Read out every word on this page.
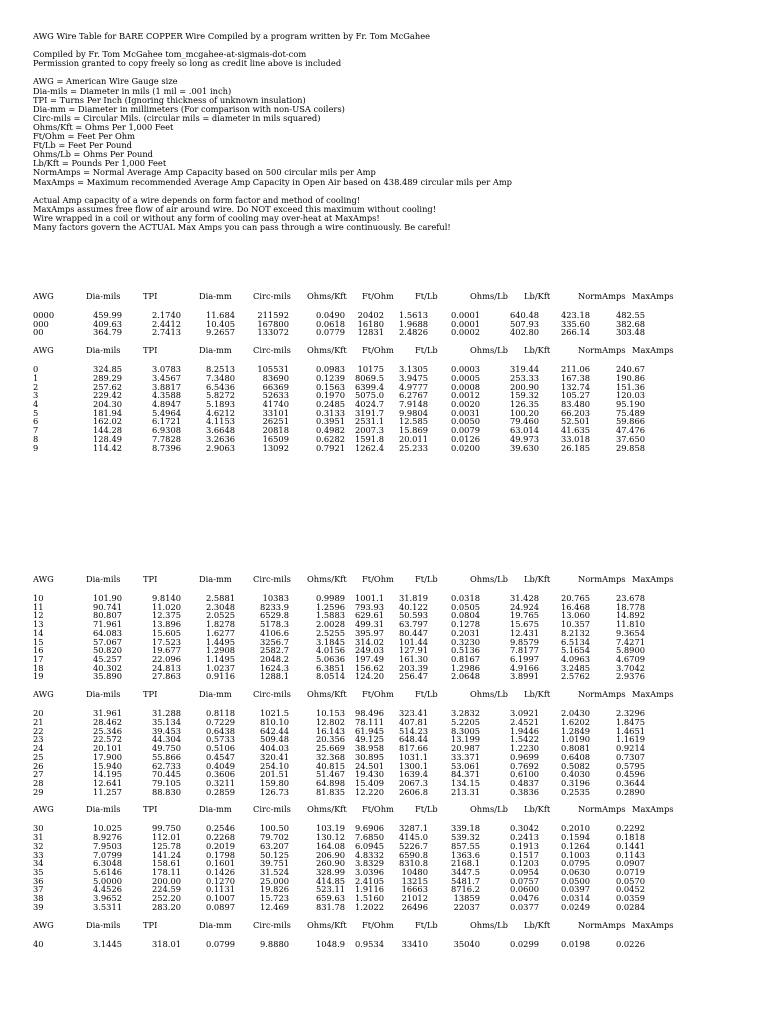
AWG Wire Table for BARE COPPER Wire Compiled by a program written by Fr. Tom McGahee
Compiled by Fr. Tom McGahee tom_mcgahee-at-sigmais-dot-com
Permission granted to copy freely so long as credit line above is included
AWG = American Wire Gauge size
Dia-mils = Diameter in mils (1 mil = .001 inch)
TPI = Turns Per Inch (Ignoring thickness of unknown insulation)
Dia-mm = Diameter in millimeters (For comparison with non-USA coilers)
Circ-mils = Circular Mils. (circular mils = diameter in mils squared)
Ohms/Kft = Ohms Per 1,000 Feet
Ft/Ohm = Feet Per Ohm
Ft/Lb = Feet Per Pound
Ohms/Lb = Ohms Per Pound
Lb/Kft = Pounds Per 1,000 Feet
NormAmps = Normal Average Amp Capacity based on 500 circular mils per Amp
MaxAmps = Maximum recommended Average Amp Capacity in Open Air based on 438.489 circular mils per Amp
Actual Amp capacity of a wire depends on form factor and method of cooling!
MaxAmps assumes free flow of air around wire. Do NOT exceed this maximum without cooling!
Wire wrapped in a coil or without any form of cooling may over-heat at MaxAmps!
Many factors govern the ACTUAL Max Amps you can pass through a wire continuously. Be careful!
AWG	Dia-mils	TPI	Dia-mm	Circ-mils Ohms/Kft Ft/Ohm	Ft/Lb	Ohms/Lb Lb/Kft	NormAmps MaxAmps
0000	459.99	2.1740	11.684	211592	0.0490 20402 1.5613	0.0001	640.48	423.18	482.55
000	409.63	2.4412	10.405	167800	0.0618 16180 1.9688	0.0001	507.93	335.60	382.68
00	364.79	2.7413	9.2657	133072	0.0779 12831 2.4826	0.0002	402.80	266.14	303.48
AWG	Dia-mils	TPI	Dia-mm	Circ-mils Ohms/Kft Ft/Ohm	Ft/Lb	Ohms/Lb Lb/Kft	NormAmps MaxAmps
0	324.85	3.0783	8.2513	105531	0.0983 10175 3.1305	0.0003	319.44	211.06	240.67
1	289.29	3.4567	7.3480	83690	0.1239 8069.5 3.9475	0.0005	253.33	167.38	190.86
2	257.62	3.8817	6.5436	66369	0.1563 6399.4 4.9777	0.0008	200.90	132.74	151.36
3	229.42	4.3588	5.8272	52633	0.1970 5075.0 6.2767	0.0012	159.32	105.27	120.03
4	204.30	4.8947	5.1893	41740	0.2485 4024.7 7.9148	0.0020	126.35	83.480	95.190
5	181.94	5.4964	4.6212	33101	0.3133 3191.7 9.9804	0.0031	100.20	66.203	75.489
6	162.02	6.1721	4.1153	26251	0.3951 2531.1 12.585	0.0050	79.460	52.501	59.866
7	144.28	6.9308	3.6648	20818	0.4982 2007.3 15.869	0.0079	63.014	41.635	47.476
8	128.49	7.7828	3.2636	16509	0.6282 1591.8 20.011	0.0126	49.973	33.018	37.650
9	114.42	8.7396	2.9063	13092	0.7921 1262.4 25.233	0.0200	39.630	26.185	29.858
AWG	Dia-mils	TPI	Dia-mm	Circ-mils Ohms/Kft Ft/Ohm	Ft/Lb	Ohms/Lb Lb/Kft	NormAmps MaxAmps
10	101.90	9.8140	2.5881	10383	0.9989 1001.1 31.819	0.0318	31.428	20.765	23.678
11	90.741	11.020	2.3048	8233.9	1.2596 793.93 40.122	0.0505	24.924	16.468	18.778
12	80.807	12.375	2.0525	6529.8	1.5883 629.61 50.593	0.0804	19.765	13.060	14.892
13	71.961	13.896	1.8278	5178.3	2.0028 499.31 63.797	0.1278	15.675	10.357	11.810
14	64.083	15.605	1.6277	4106.6	2.5255 395.97 80.447	0.2031	12.431	8.2132	9.3654
15	57.067	17.523	1.4495	3256.7	3.1845 314.02 101.44	0.3230	9.8579	6.5134	7.4271
16	50.820	19.677	1.2908	2582.7	4.0156 249.03 127.91	0.5136	7.8177	5.1654	5.8900
17	45.257	22.096	1.1495	2048.2	5.0636 197.49 161.30	0.8167	6.1997	4.0963	4.6709
18	40.302	24.813	1.0237	1624.3	6.3851 156.62 203.39	1.2986	4.9166	3.2485	3.7042
19	35.890	27.863	0.9116	1288.1	8.0514 124.20 256.47	2.0648	3.8991	2.5762	2.9376
AWG	Dia-mils	TPI	Dia-mm	Circ-mils Ohms/Kft Ft/Ohm	Ft/Lb	Ohms/Lb Lb/Kft	NormAmps MaxAmps
20	31.961	31.288	0.8118	1021.5	10.153 98.496 323.41	3.2832	3.0921	2.0430	2.3296
21	28.462	35.134	0.7229	810.10	12.802 78.111 407.81	5.2205	2.4521	1.6202	1.8475
22	25.346	39.453	0.6438	642.44	16.143 61.945 514.23	8.3005	1.9446	1.2849	1.4651
23	22.572	44.304	0.5733	509.48	20.356 49.125 648.44	13.199	1.5422	1.0190	1.1619
24	20.101	49.750	0.5106	404.03	25.669 38.958 817.66	20.987	1.2230	0.8081	0.9214
25	17.900	55.866	0.4547	320.41	32.368 30.895 1031.1	33.371	0.9699	0.6408	0.7307
26	15.940	62.733	0.4049	254.10	40.815 24.501 1300.1	53.061	0.7692	0.5082	0.5795
27	14.195	70.445	0.3606	201.51	51.467 19.430 1639.4	84.371	0.6100	0.4030	0.4596
28	12.641	79.105	0.3211	159.80	64.898 15.409 2067.3	134.15	0.4837	0.3196	0.3644
29	11.257	88.830	0.2859	126.73	81.835 12.220 2606.8	213.31	0.3836	0.2535	0.2890
AWG	Dia-mils	TPI	Dia-mm	Circ-mils Ohms/Kft Ft/Ohm	Ft/Lb	Ohms/Lb Lb/Kft	NormAmps MaxAmps
30	10.025	99.750	0.2546	100.50	103.19 9.6906 3287.1	339.18	0.3042	0.2010	0.2292
31	8.9276	112.01	0.2268	79.702	130.12 7.6850 4145.0	539.32	0.2413	0.1594	0.1818
32	7.9503	125.78	0.2019	63.207	164.08 6.0945 5226.7	857.55	0.1913	0.1264	0.1441
33	7.0799	141.24	0.1798	50.125	206.90 4.8332 6590.8	1363.6	0.1517	0.1003	0.1143
34	6.3048	158.61	0.1601	39.751	260.90 3.8329 8310.8	2168.1	0.1203	0.0795	0.0907
35	5.6146	178.11	0.1426	31.524	328.99 3.0396 10480	3447.5	0.0954	0.0630	0.0719
36	5.0000	200.00	0.1270	25.000	414.85 2.4105 13215	5481.7	0.0757	0.0500	0.0570
37	4.4526	224.59	0.1131	19.826	523.11 1.9116 16663	8716.2	0.0600	0.0397	0.0452
38	3.9652	252.20	0.1007	15.723	659.63 1.5160 21012	13859	0.0476	0.0314	0.0359
39	3.5311	283.20	0.0897	12.469	831.78 1.2022 26496	22037	0.0377	0.0249	0.0284
AWG	Dia-mils	TPI	Dia-mm	Circ-mils Ohms/Kft Ft/Ohm	Ft/Lb	Ohms/Lb Lb/Kft	NormAmps MaxAmps
40	3.1445	318.01	0.0799	9.8880	1048.9 0.9534 33410	35040	0.0299	0.0198	0.0226
